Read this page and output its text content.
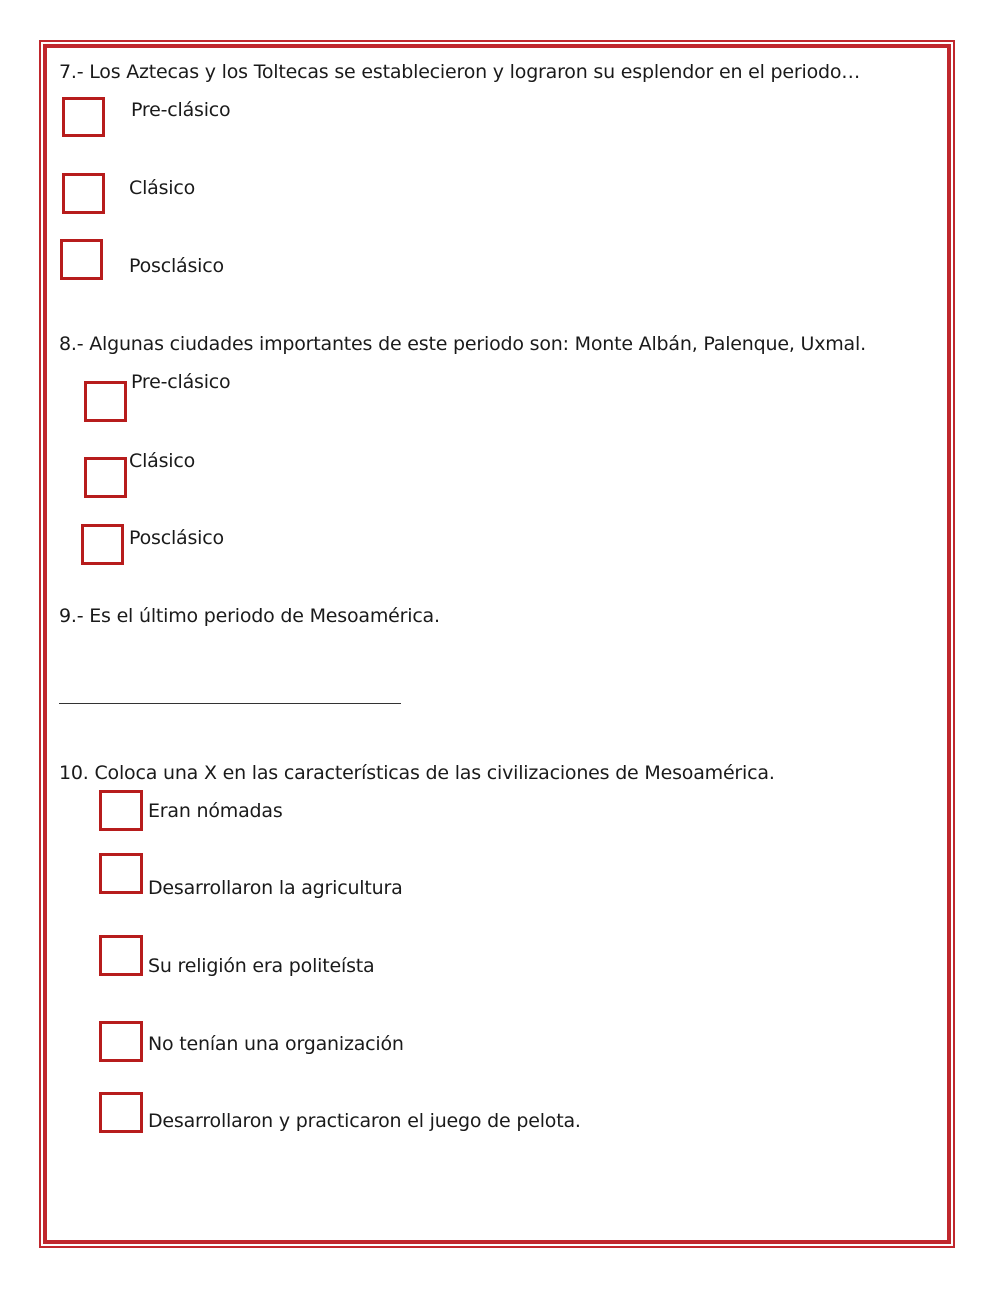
7.- Los Aztecas y los Toltecas se establecieron y lograron su esplendor en el periodo…
Pre-clásico
Clásico
Posclásico
8.- Algunas ciudades importantes de este periodo son: Monte Albán, Palenque, Uxmal.
Pre-clásico
Clásico
Posclásico
9.- Es el último periodo de Mesoamérica.
10. Coloca una X en las características de las civilizaciones de Mesoamérica.
Eran nómadas
Desarrollaron la agricultura
Su religión era politeísta
No tenían una organización
Desarrollaron y practicaron el juego de pelota.
